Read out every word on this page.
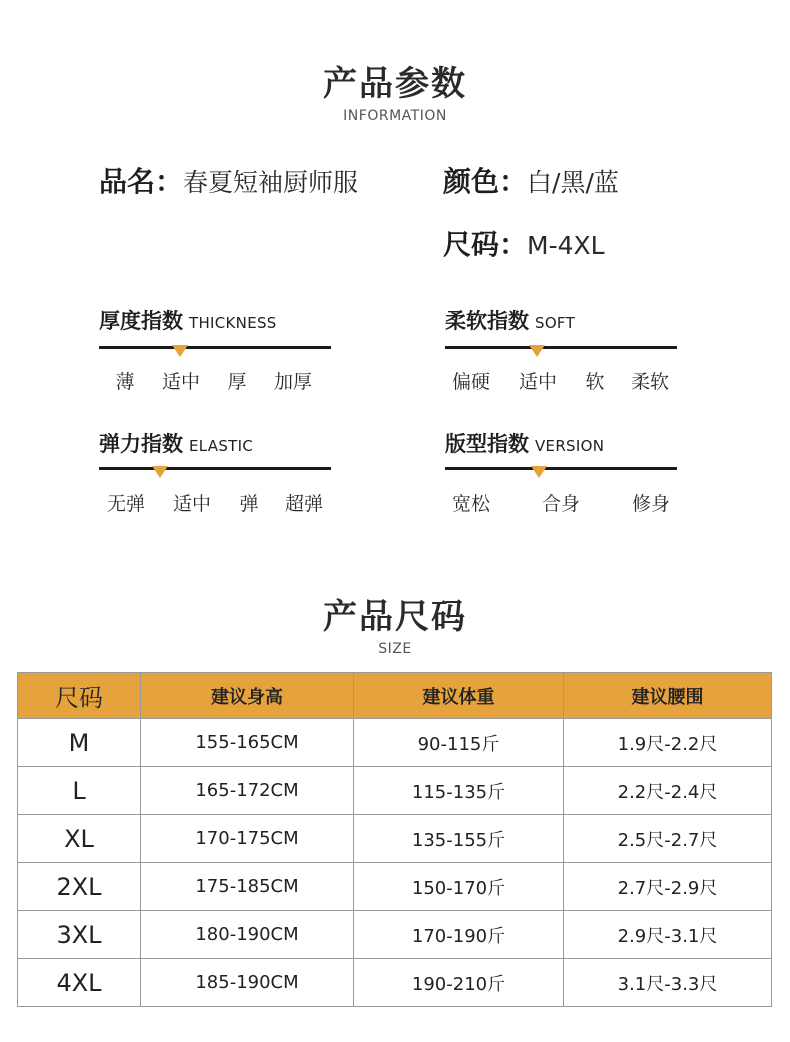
产品参数
INFORMATION
品名：春夏短袖厨师服	颜色：白/黑/蓝
尺码：M-4XL
厚度指数 THICKNESS
薄 适中 厚 加厚
柔软指数 SOFT
偏硬 适中 软 柔软
弹力指数 ELASTIC
无弹 适中 弹 超弹
版型指数 VERSION
宽松	合身	修身
产品尺码
SIZE
尺码	建议身高	建议体重	建议腰围
M	155-165CM	90-115斤	1.9尺-2.2尺
L	165-172CM	115-135斤	2.2尺-2.4尺
XL	170-175CM	135-155斤	2.5尺-2.7尺
2XL	175-185CM	150-170斤	2.7尺-2.9尺
3XL	180-190CM	170-190斤	2.9尺-3.1尺
4XL	185-190CM	190-210斤	3.1尺-3.3尺
